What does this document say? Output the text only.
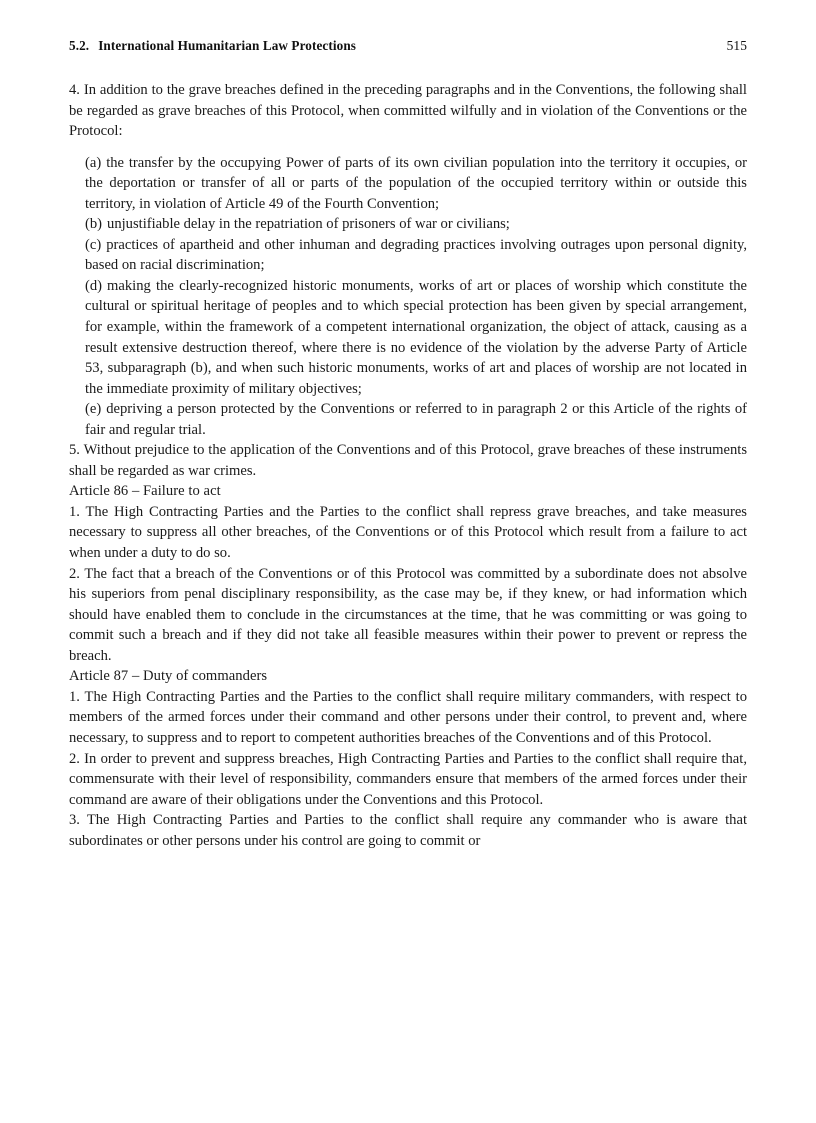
5.2. International Humanitarian Law Protections	515

4. In addition to the grave breaches defined in the preceding paragraphs and in the Conventions, the following shall be regarded as grave breaches of this Protocol, when committed wilfully and in violation of the Conventions or the Protocol:

(a) the transfer by the occupying Power of parts of its own civilian population into the territory it occupies, or the deportation or transfer of all or parts of the population of the occupied territory within or outside this territory, in violation of Article 49 of the Fourth Convention;

(b) unjustifiable delay in the repatriation of prisoners of war or civilians;

(c) practices of apartheid and other inhuman and degrading practices involving outrages upon personal dignity, based on racial discrimination;

(d) making the clearly-recognized historic monuments, works of art or places of worship which constitute the cultural or spiritual heritage of peoples and to which special protection has been given by special arrangement, for example, within the framework of a competent international organization, the object of attack, causing as a result extensive destruction thereof, where there is no evidence of the violation by the adverse Party of Article 53, subparagraph (b), and when such historic monuments, works of art and places of worship are not located in the immediate proximity of military objectives;

(e) depriving a person protected by the Conventions or referred to in paragraph 2 or this Article of the rights of fair and regular trial.

5. Without prejudice to the application of the Conventions and of this Protocol, grave breaches of these instruments shall be regarded as war crimes.

Article 86 – Failure to act

1. The High Contracting Parties and the Parties to the conflict shall repress grave breaches, and take measures necessary to suppress all other breaches, of the Conventions or of this Protocol which result from a failure to act when under a duty to do so.

2. The fact that a breach of the Conventions or of this Protocol was committed by a subordinate does not absolve his superiors from penal disciplinary responsibility, as the case may be, if they knew, or had information which should have enabled them to conclude in the circumstances at the time, that he was committing or was going to commit such a breach and if they did not take all feasible measures within their power to prevent or repress the breach.

Article 87 – Duty of commanders

1. The High Contracting Parties and the Parties to the conflict shall require military commanders, with respect to members of the armed forces under their command and other persons under their control, to prevent and, where necessary, to suppress and to report to competent authorities breaches of the Conventions and of this Protocol.

2. In order to prevent and suppress breaches, High Contracting Parties and Parties to the conflict shall require that, commensurate with their level of responsibility, commanders ensure that members of the armed forces under their command are aware of their obligations under the Conventions and this Protocol.

3. The High Contracting Parties and Parties to the conflict shall require any commander who is aware that subordinates or other persons under his control are going to commit or
